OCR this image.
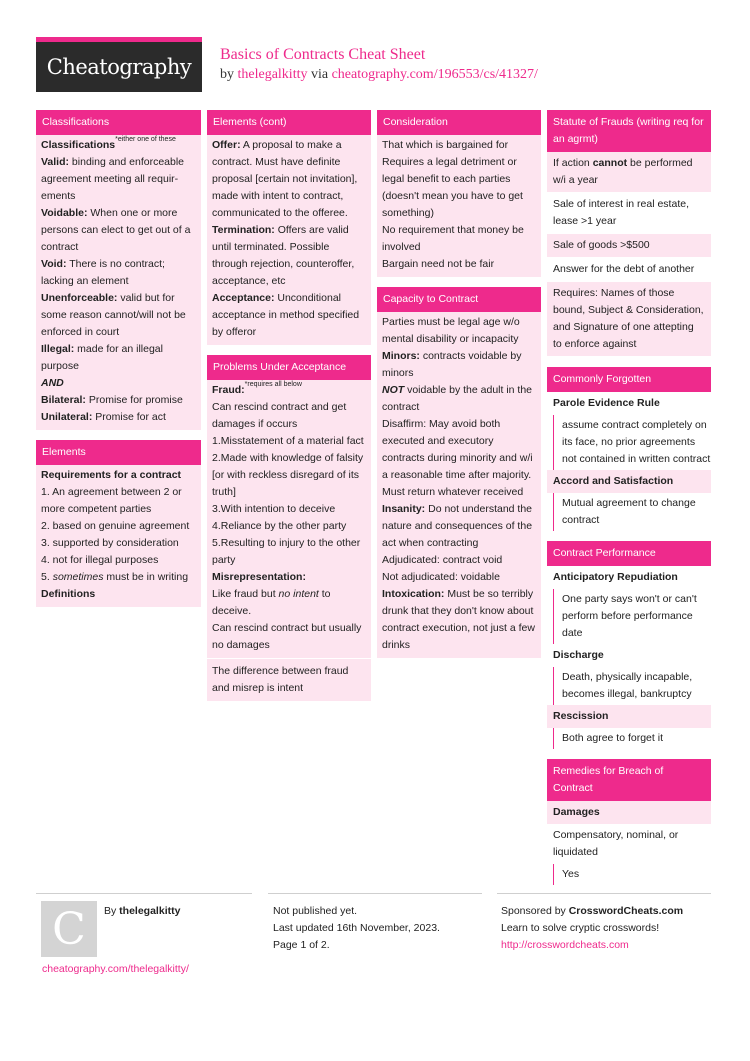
Cheatography Basics of Contracts Cheat Sheet
by thelegalkitty via cheatography.com/196553/cs/41327/
Classifications
Classifications$^{*either one of these}$
Valid: binding and enforceable agreement meeting all requirements
Voidable: When one or more persons can elect to get out of a contract
Void: There is no contract; lacking an element
Unenforceable: valid but for some reason cannot/will not be enforced in court
Illegal: made for an illegal purpose
AND
Bilateral: Promise for promise
Unilateral: Promise for act
Elements
Requirements for a contract
1. An agreement between 2 or more competent parties
2. based on genuine agreement
3. supported by consideration
4. not for illegal purposes
5. sometimes must be in writing
Definitions
Elements (cont)
Offer: A proposal to make a contract. Must have definite proposal [certain not invitation], made with intent to contract, communicated to the offeree.
Termination: Offers are valid until terminated. Possible through rejection, counteroffer, acceptance, etc
Acceptance: Unconditional acceptance in method specified by offeror
Problems Under Acceptance
Fraud:$^{*requires all below}$
Can rescind contract and get damages if occurs
1.Misstatement of a material fact
2.Made with knowledge of falsity [or with reckless disregard of its truth]
3.With intention to deceive
4.Reliance by the other party
5.Resulting to injury to the other party
Misrepresentation:
Like fraud but no intent to deceive.
Can rescind contract but usually no damages
The difference between fraud and misrep is intent
Consideration
That which is bargained for
Requires a legal detriment or legal benefit to each parties (doesn't mean you have to get something)
No requirement that money be involved
Bargain need not be fair
Capacity to Contract
Parties must be legal age w/o mental disability or incapacity
Minors: contracts voidable by minors
NOT voidable by the adult in the contract
Disaffirm: May avoid both executed and executory contracts during minority and w/i a reasonable time after majority.
Must return whatever received
Insanity: Do not understand the nature and consequences of the act when contracting
Adjudicated: contract void
Not adjudicated: voidable
Intoxication: Must be so terribly drunk that they don't know about contract execution, not just a few drinks
Statute of Frauds (writing req for an agrmt)
If action cannot be performed w/i a year
Sale of interest in real estate, lease >1 year
Sale of goods >$500
Answer for the debt of another
Requires: Names of those bound, Subject & Consideration, and Signature of one attepting to enforce against
Commonly Forgotten
Parole Evidence Rule
assume contract completely on its face, no prior agreements not contained in written contract
Accord and Satisfaction
Mutual agreement to change contract
Contract Performance
Anticipatory Repudiation
One party says won't or can't perform before performance date
Discharge
Death, physically incapable, becomes illegal, bankruptcy
Rescission
Both agree to forget it
Remedies for Breach of Contract
Damages
Compensatory, nominal, or liquidated
Yes
C By thelegalkitty
cheatography.com/thelegalkitty/
Not published yet.
Last updated 16th November, 2023.
Page 1 of 2.
Sponsored by CrosswordCheats.com
Learn to solve cryptic crosswords!
http://crosswordcheats.com
